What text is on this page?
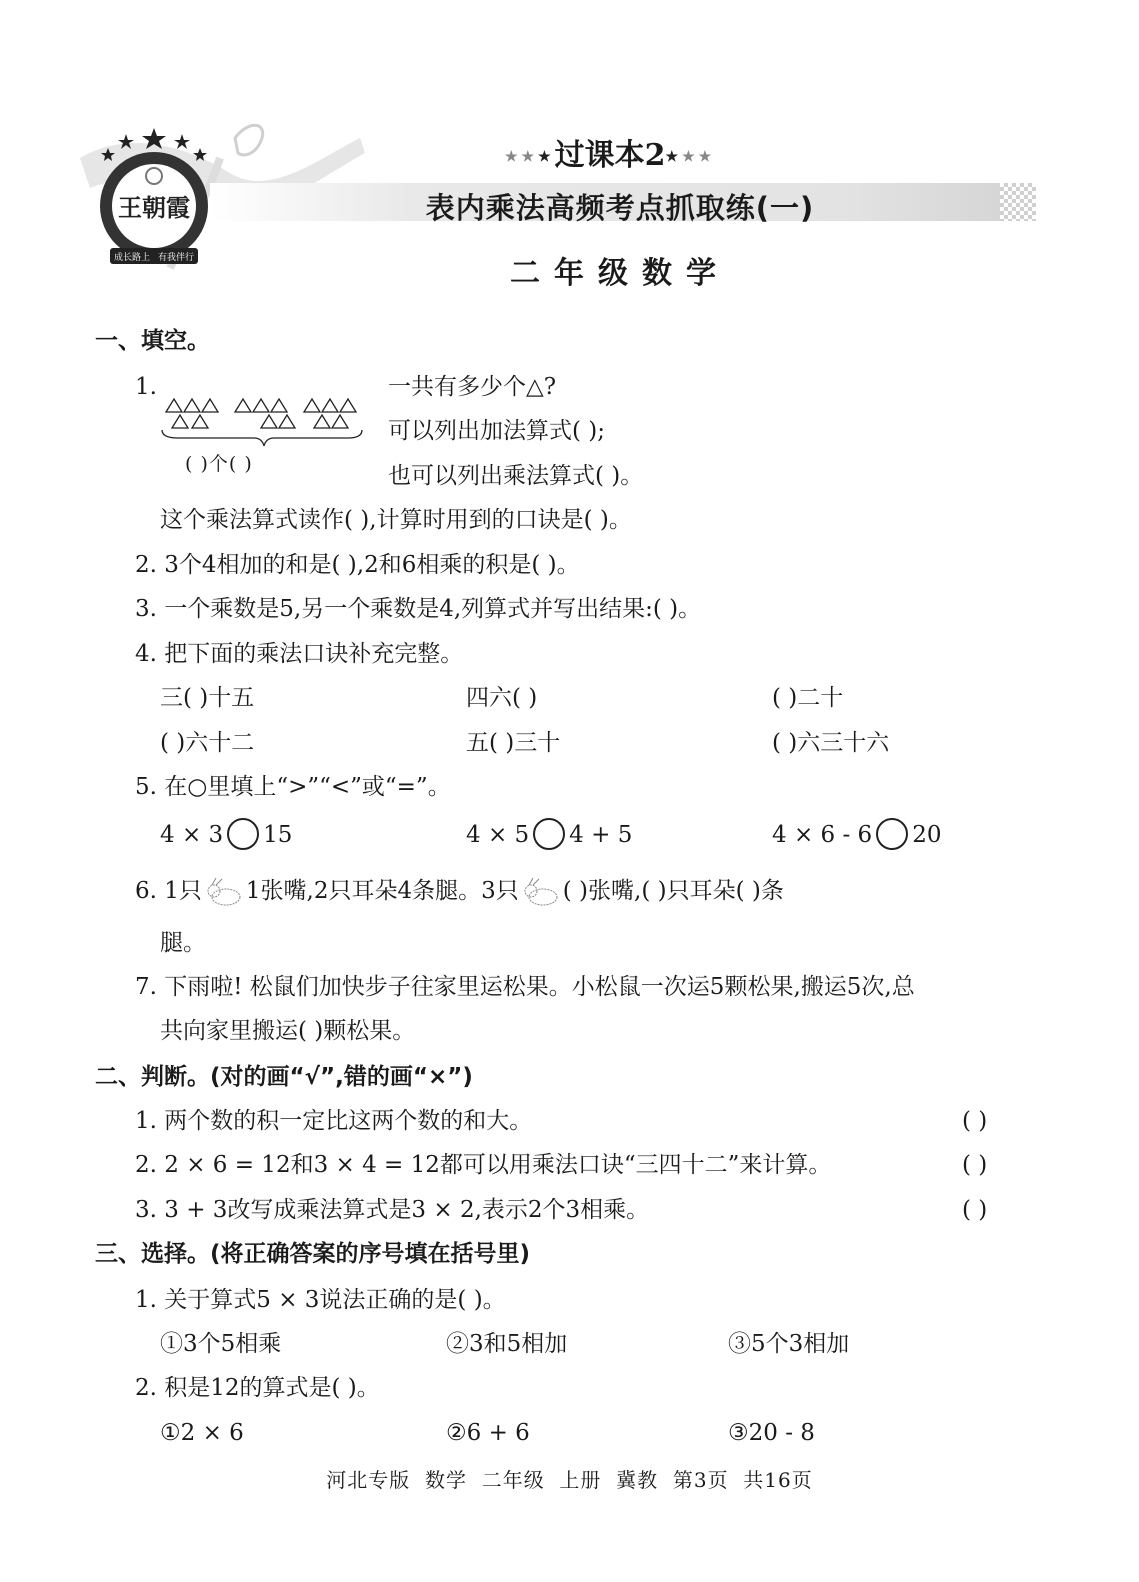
王朝霞
成长路上 有我伴行
★★★过课本2★★★
表内乘法高频考点抓取练(一)
二年级数学
一、填空。
1.
( )个( )
一共有多少个△?
可以列出加法算式( );
也可以列出乘法算式( )。
这个乘法算式读作( ),计算时用到的口诀是( )。
2. 3个4相加的和是( ),2和6相乘的积是( )。
3. 一个乘数是5,另一个乘数是4,列算式并写出结果:( )。
4. 把下面的乘法口诀补充完整。
三( )十五	四六( )	( )二十
( )六十二	五( )三十	( )六三十六
5. 在○里填上“>”“<”或“=”。
4 × 3 15	4 × 5 4 + 5	4 × 6 - 6 20
6. 1只 1张嘴,2只耳朵4条腿。3只 ( )张嘴,( )只耳朵( )条
腿。
7. 下雨啦! 松鼠们加快步子往家里运松果。小松鼠一次运5颗松果,搬运5次,总
共向家里搬运( )颗松果。
二、判断。(对的画“√”,错的画“×”)
1. 两个数的积一定比这两个数的和大。	( )
2. 2 × 6 = 12和3 × 4 = 12都可以用乘法口诀“三四十二”来计算。	( )
3. 3 + 3改写成乘法算式是3 × 2,表示2个3相乘。	( )
三、选择。(将正确答案的序号填在括号里)
1. 关于算式5 × 3说法正确的是( )。
①3个5相乘	②3和5相加	③5个3相加
2. 积是12的算式是( )。
①2 × 6	②6 + 6	③20 - 8
河北专版  数学  二年级  上册  冀教  第3页  共16页
